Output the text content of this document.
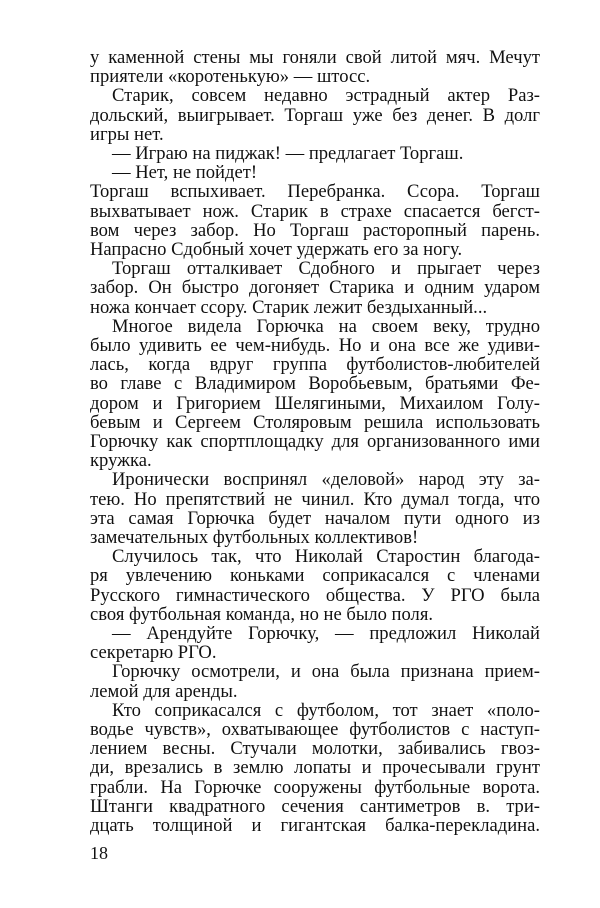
у каменной стены мы гоняли свой литой мяч. Мечут
приятели «коротенькую» — штосс.
Старик, совсем недавно эстрадный актер Раз-
дольский, выигрывает. Торгаш уже без денег. В долг
игры нет.
— Играю на пиджак! — предлагает Торгаш.
— Нет, не пойдет!
Торгаш вспыхивает. Перебранка. Ссора. Торгаш
выхватывает нож. Старик в страхе спасается бегст-
вом через забор. Но Торгаш расторопный парень.
Напрасно Сдобный хочет удержать его за ногу.
Торгаш отталкивает Сдобного и прыгает через
забор. Он быстро догоняет Старика и одним ударом
ножа кончает ссору. Старик лежит бездыханный...
Многое видела Горючка на своем веку, трудно
было удивить ее чем-нибудь. Но и она все же удиви-
лась, когда вдруг группа футболистов-любителей
во главе с Владимиром Воробьевым, братьями Фе-
дором и Григорием Шелягиными, Михаилом Голу-
бевым и Сергеем Столяровым решила использовать
Горючку как спортплощадку для организованного ими
кружка.
Иронически воспринял «деловой» народ эту за-
тею. Но препятствий не чинил. Кто думал тогда, что
эта самая Горючка будет началом пути одного из
замечательных футбольных коллективов!
Случилось так, что Николай Старостин благода-
ря увлечению коньками соприкасался с членами
Русского гимнастического общества. У РГО была
своя футбольная команда, но не было поля.
— Арендуйте Горючку, — предложил Николай
секретарю РГО.
Горючку осмотрели, и она была признана прием-
лемой для аренды.
Кто соприкасался с футболом, тот знает «поло-
водье чувств», охватывающее футболистов с наступ-
лением весны. Стучали молотки, забивались гвоз-
ди, врезались в землю лопаты и прочесывали грунт
грабли. На Горючке сооружены футбольные ворота.
Штанги квадратного сечения сантиметров в. три-
дцать толщиной и гигантская балка-перекладина.
18
